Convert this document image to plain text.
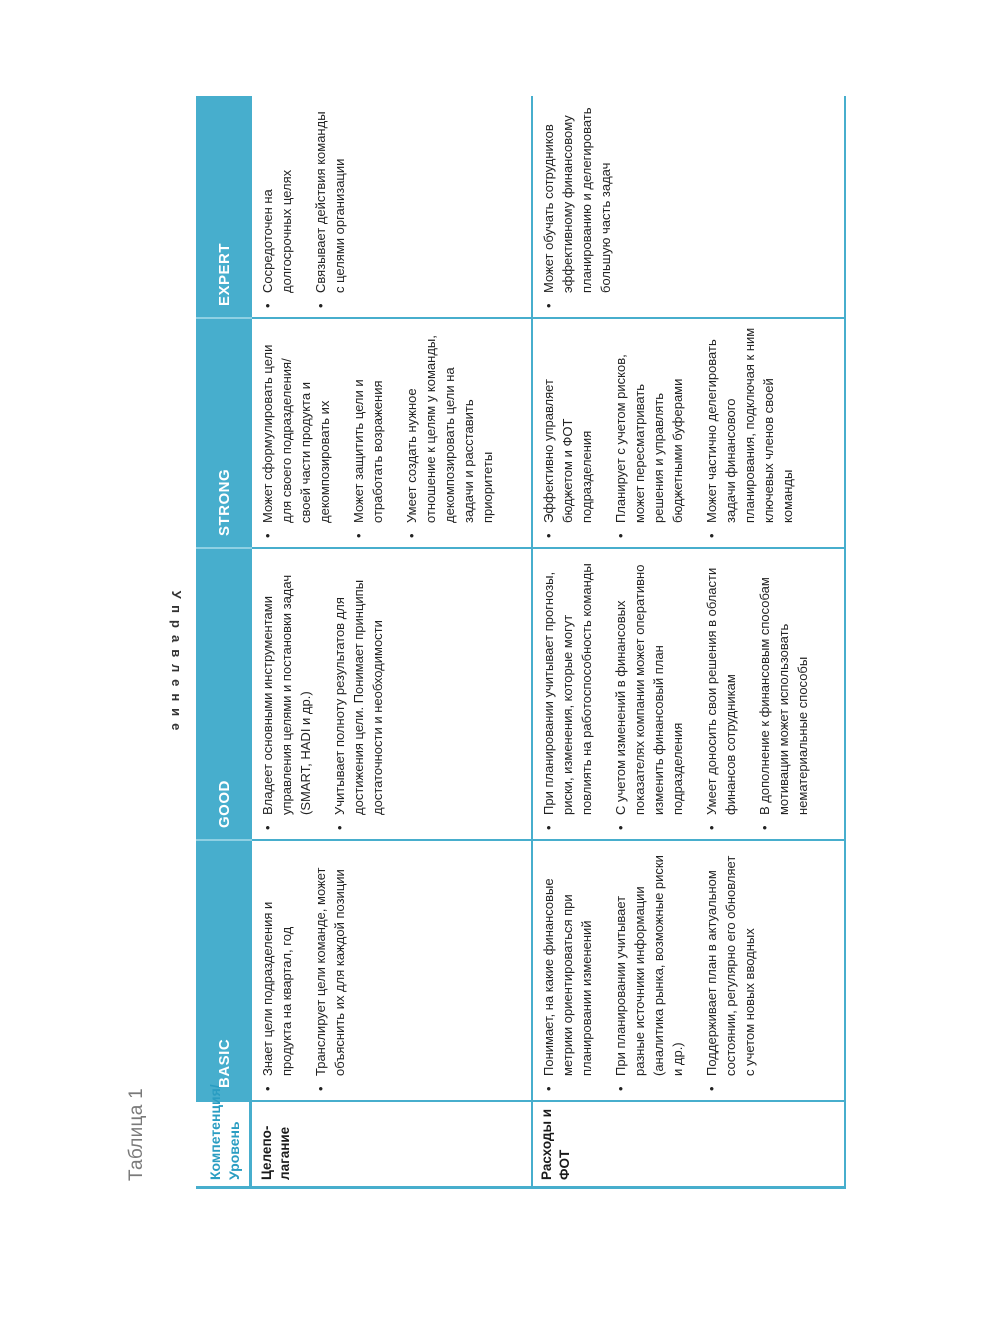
Таблица 1
Управление
Компетенция/ Уровень
BASIC
GOOD
STRONG
EXPERT
Целепо-лагание
• Знает цели подразделения и продукта на квартал, год • Транслирует цели команде, может объяснить их для каждой позиции
• Владеет основными инструментами управления целями и постановки задач (SMART, HADI и др.) • Учитывает полноту результатов для достижения цели. Понимает принципы достаточности и необходимости
• Может сформулировать цели для своего подразделения/своей части продукта и декомпозировать их • Может защитить цели и отработать возражения • Умеет создать нужное отношение к целям у команды, декомпозировать цели на задачи и расставить приоритеты
• Сосредоточен на долгосрочных целях • Связывает действия команды с целями организации
Расходы и ФОТ
• Понимает, на какие финансовые метрики ориентироваться при планировании изменений • При планировании учитывает разные источники информации (аналитика рынка, возможные риски и др.) • Поддерживает план в актуальном состоянии, регулярно его обновляет с учетом новых вводных
• При планировании учитывает прогнозы, риски, изменения, которые могут повлиять на работоспособность команды • С учетом изменений в финансовых показателях компании может оперативно изменить финансовый план подразделения • Умеет доносить свои решения в области финансов сотрудникам • В дополнение к финансовым способам мотивации может использовать нематериальные способы
• Эффективно управляет бюджетом и ФОТ подразделения • Планирует с учетом рисков, может пересматривать решения и управлять бюджетными буферами • Может частично делегировать задачи финансового планирования, подключая к ним ключевых членов своей команды
• Может обучать сотрудников эффективному финансовому планированию и делегировать большую часть задач
